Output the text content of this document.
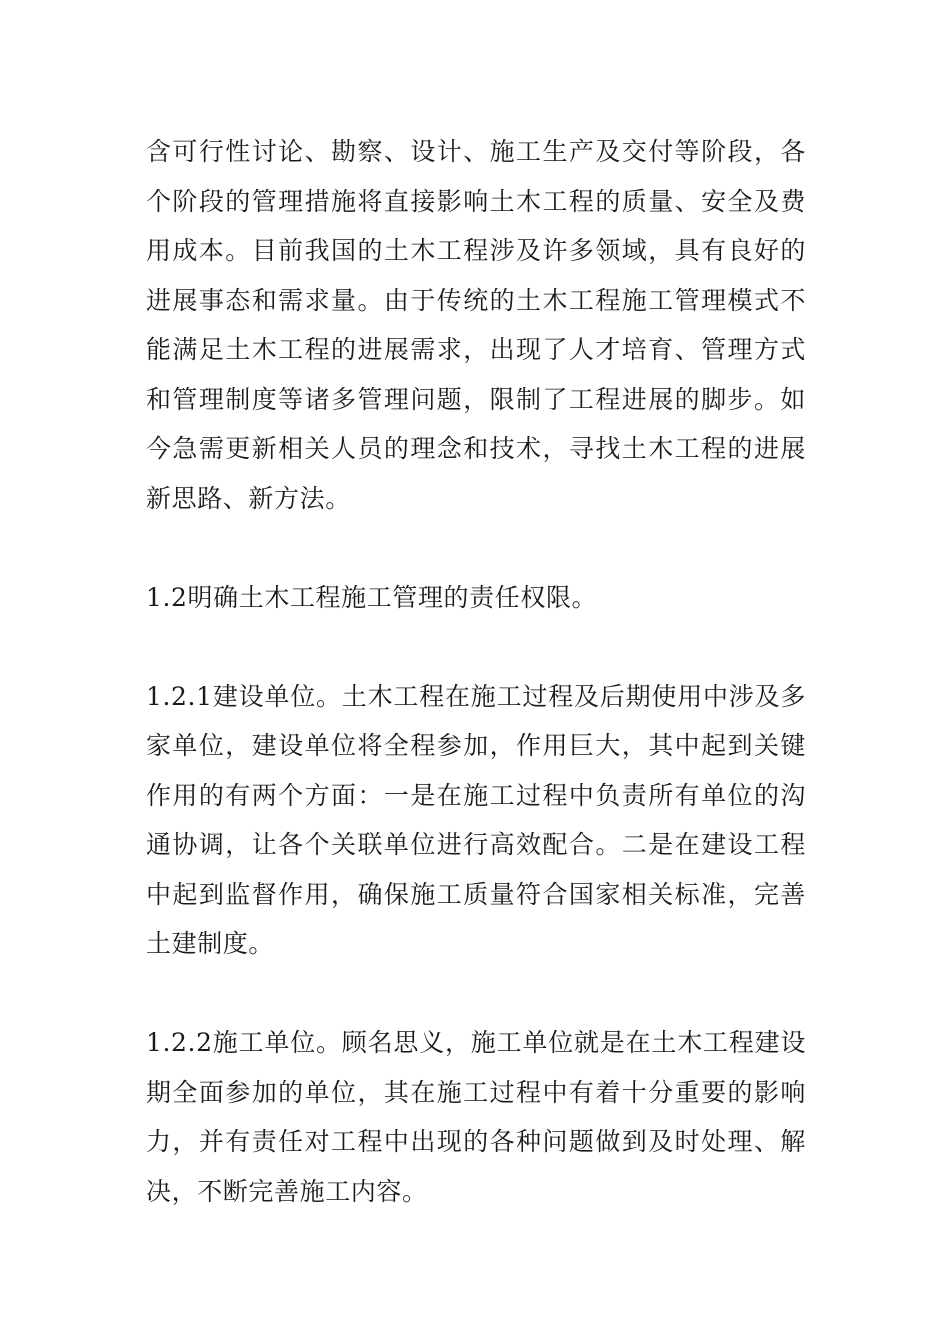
含可行性讨论、勘察、设计、施工生产及交付等阶段，各个阶段的管理措施将直接影响土木工程的质量、安全及费用成本。目前我国的土木工程涉及许多领域，具有良好的进展事态和需求量。由于传统的土木工程施工管理模式不能满足土木工程的进展需求，出现了人才培育、管理方式和管理制度等诸多管理问题，限制了工程进展的脚步。如今急需更新相关人员的理念和技术，寻找土木工程的进展新思路、新方法。

1.2明确土木工程施工管理的责任权限。

1.2.1建设单位。土木工程在施工过程及后期使用中涉及多家单位，建设单位将全程参加，作用巨大，其中起到关键作用的有两个方面：一是在施工过程中负责所有单位的沟通协调，让各个关联单位进行高效配合。二是在建设工程中起到监督作用，确保施工质量符合国家相关标准，完善土建制度。

1.2.2施工单位。顾名思义，施工单位就是在土木工程建设期全面参加的单位，其在施工过程中有着十分重要的影响力，并有责任对工程中出现的各种问题做到及时处理、解决，不断完善施工内容。
